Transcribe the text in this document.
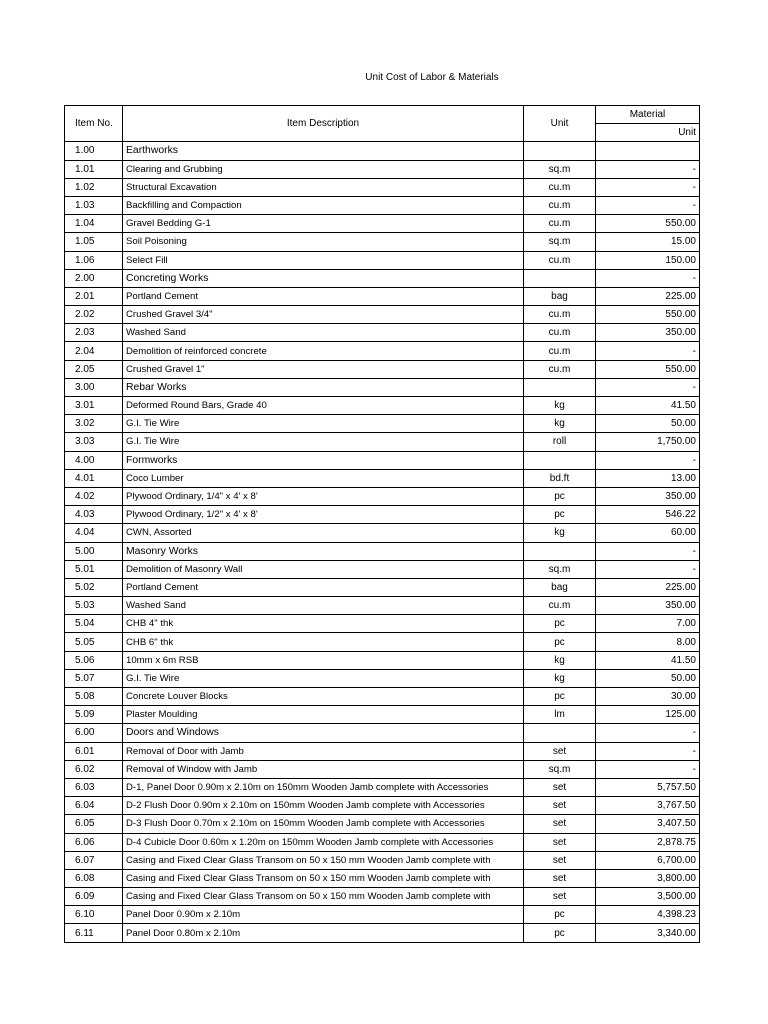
Unit Cost of Labor & Materials
Item No.	Item Description	Unit	Material
			Unit
1.00	Earthworks		
1.01	Clearing and Grubbing	sq.m	-
1.02	Structural Excavation	cu.m	-
1.03	Backfilling and Compaction	cu.m	-
1.04	Gravel Bedding G-1	cu.m	550.00
1.05	Soil Poisoning	sq.m	15.00
1.06	Select Fill	cu.m	150.00
2.00	Concreting Works		-
2.01	Portland Cement	bag	225.00
2.02	Crushed Gravel 3/4"	cu.m	550.00
2.03	Washed Sand	cu.m	350.00
2.04	Demolition of reinforced concrete	cu.m	-
2.05	Crushed Gravel 1"	cu.m	550.00
3.00	Rebar Works		-
3.01	Deformed Round Bars, Grade 40	kg	41.50
3.02	G.I. Tie Wire	kg	50.00
3.03	G.I. Tie Wire	roll	1,750.00
4.00	Formworks		-
4.01	Coco Lumber	bd.ft	13.00
4.02	Plywood Ordinary, 1/4" x 4' x 8'	pc	350.00
4.03	Plywood Ordinary, 1/2" x 4' x 8'	pc	546.22
4.04	CWN, Assorted	kg	60.00
5.00	Masonry Works		-
5.01	Demolition of Masonry Wall	sq.m	-
5.02	Portland Cement	bag	225.00
5.03	Washed Sand	cu.m	350.00
5.04	CHB 4" thk	pc	7.00
5.05	CHB 6" thk	pc	8.00
5.06	10mm x 6m RSB	kg	41.50
5.07	G.I. Tie Wire	kg	50.00
5.08	Concrete Louver Blocks	pc	30.00
5.09	Plaster Moulding	lm	125.00
6.00	Doors and Windows		-
6.01	Removal of Door with Jamb	set	-
6.02	Removal of Window with Jamb	sq.m	-
6.03	D-1, Panel Door 0.90m x 2.10m on 150mm Wooden Jamb complete with Accessories	set	5,757.50
6.04	D-2 Flush Door 0.90m x 2.10m on 150mm Wooden Jamb complete with Accessories	set	3,767.50
6.05	D-3 Flush Door 0.70m x 2.10m on 150mm Wooden Jamb complete with Accessories	set	3,407.50
6.06	D-4 Cubicle Door 0.60m x 1.20m on 150mm Wooden Jamb complete with Accessories	set	2,878.75
6.07	Casing and Fixed Clear Glass Transom on 50 x 150 mm Wooden Jamb complete with	set	6,700.00
6.08	Casing and Fixed Clear Glass Transom on 50 x 150 mm Wooden Jamb complete with	set	3,800.00
6.09	Casing and Fixed Clear Glass Transom on 50 x 150 mm Wooden Jamb complete with	set	3,500.00
6.10	Panel Door 0.90m x 2.10m	pc	4,398.23
6.11	Panel Door 0.80m x 2.10m	pc	3,340.00
